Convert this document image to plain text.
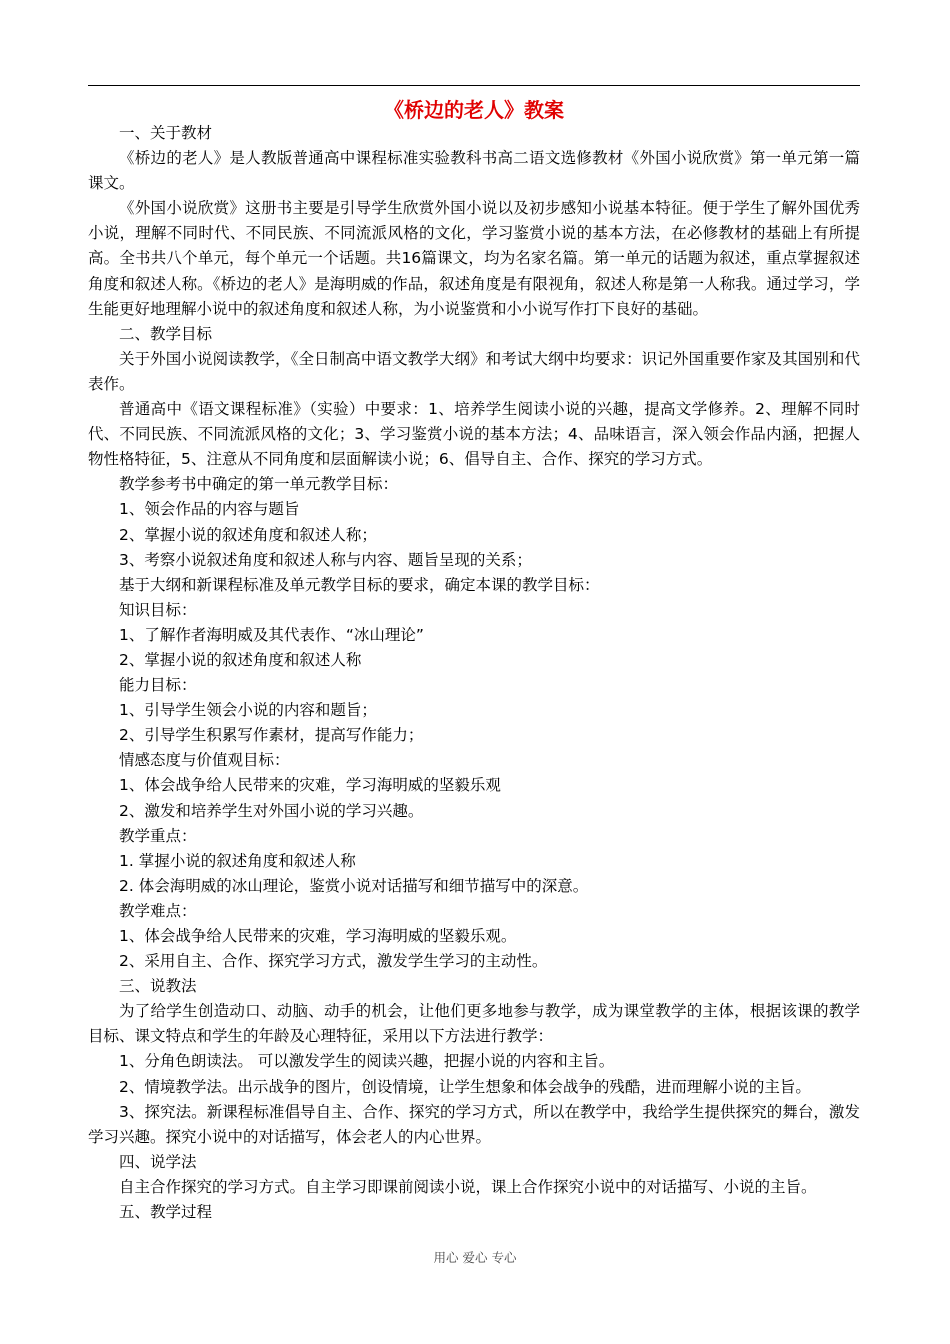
《桥边的老人》教案

一、关于教材

《桥边的老人》是人教版普通高中课程标准实验教科书高二语文选修教材《外国小说欣赏》第一单元第一篇课文。

《外国小说欣赏》这册书主要是引导学生欣赏外国小说以及初步感知小说基本特征。便于学生了解外国优秀小说，理解不同时代、不同民族、不同流派风格的文化，学习鉴赏小说的基本方法，在必修教材的基础上有所提高。全书共八个单元，每个单元一个话题。共16篇课文，均为名家名篇。第一单元的话题为叙述，重点掌握叙述角度和叙述人称。《桥边的老人》是海明威的作品，叙述角度是有限视角，叙述人称是第一人称我。通过学习，学生能更好地理解小说中的叙述角度和叙述人称，为小说鉴赏和小小说写作打下良好的基础。

二、教学目标

关于外国小说阅读教学，《全日制高中语文教学大纲》和考试大纲中均要求：识记外国重要作家及其国别和代表作。

普通高中《语文课程标准》（实验）中要求：1、培养学生阅读小说的兴趣，提高文学修养。2、理解不同时代、不同民族、不同流派风格的文化；3、学习鉴赏小说的基本方法；4、品味语言，深入领会作品内涵，把握人物性格特征，5、注意从不同角度和层面解读小说；6、倡导自主、合作、探究的学习方式。

教学参考书中确定的第一单元教学目标：

1、领会作品的内容与题旨

2、掌握小说的叙述角度和叙述人称；

3、考察小说叙述角度和叙述人称与内容、题旨呈现的关系；

基于大纲和新课程标准及单元教学目标的要求，确定本课的教学目标：

知识目标：

1、了解作者海明威及其代表作、“冰山理论”

2、掌握小说的叙述角度和叙述人称

能力目标：

1、引导学生领会小说的内容和题旨；

2、引导学生积累写作素材，提高写作能力；

情感态度与价值观目标：

1、体会战争给人民带来的灾难，学习海明威的坚毅乐观

2、激发和培养学生对外国小说的学习兴趣。

教学重点：

1. 掌握小说的叙述角度和叙述人称

2. 体会海明威的冰山理论，鉴赏小说对话描写和细节描写中的深意。

教学难点：

1、体会战争给人民带来的灾难，学习海明威的坚毅乐观。

2、采用自主、合作、探究学习方式，激发学生学习的主动性。

三、说教法

为了给学生创造动口、动脑、动手的机会，让他们更多地参与教学，成为课堂教学的主体，根据该课的教学目标、课文特点和学生的年龄及心理特征，采用以下方法进行教学：

1、分角色朗读法。 可以激发学生的阅读兴趣，把握小说的内容和主旨。

2、情境教学法。出示战争的图片，创设情境，让学生想象和体会战争的残酷，进而理解小说的主旨。

3、探究法。新课程标准倡导自主、合作、探究的学习方式，所以在教学中，我给学生提供探究的舞台，激发学习兴趣。探究小说中的对话描写，体会老人的内心世界。

四、说学法

自主合作探究的学习方式。自主学习即课前阅读小说，课上合作探究小说中的对话描写、小说的主旨。

五、教学过程

用心 爱心 专心
